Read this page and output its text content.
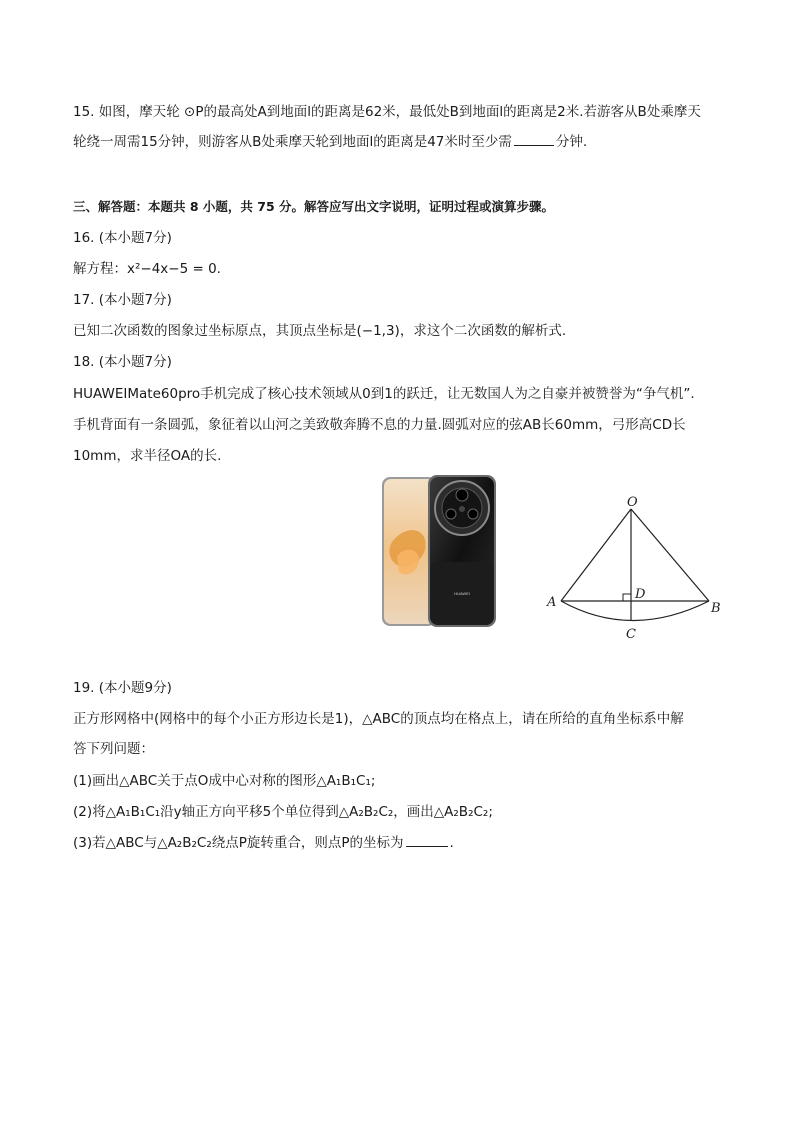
15. 如图，摩天轮 ⊙P的最高处A到地面l的距离是62米，最低处B到地面l的距离是2米.若游客从B处乘摩天
轮绕一周需15分钟，则游客从B处乘摩天轮到地面l的距离是47米时至少需	分钟.
三、解答题：本题共 8 小题，共 75 分。解答应写出文字说明，证明过程或演算步骤。
16. (本小题7分)
解方程：x²−4x−5 = 0.
17. (本小题7分)
已知二次函数的图象过坐标原点，其顶点坐标是(−1,3)，求这个二次函数的解析式.
18. (本小题7分)
HUAWEIMate60pro手机完成了核心技术领域从0到1的跃迁，让无数国人为之自豪并被赞誉为“争气机”.
手机背面有一条圆弧，象征着以山河之美致敬奔腾不息的力量.圆弧对应的弦AB长60mm，弓形高CD长
10mm，求半径OA的长.
HUAWEI
O
A	B
C
D
19. (本小题9分)
正方形网格中(网格中的每个小正方形边长是1)，△ABC的顶点均在格点上，请在所给的直角坐标系中解
答下列问题：
(1)画出△ABC关于点O成中心对称的图形△A₁B₁C₁;
(2)将△A₁B₁C₁沿y轴正方向平移5个单位得到△A₂B₂C₂，画出△A₂B₂C₂;
(3)若△ABC与△A₂B₂C₂绕点P旋转重合，则点P的坐标为	.
